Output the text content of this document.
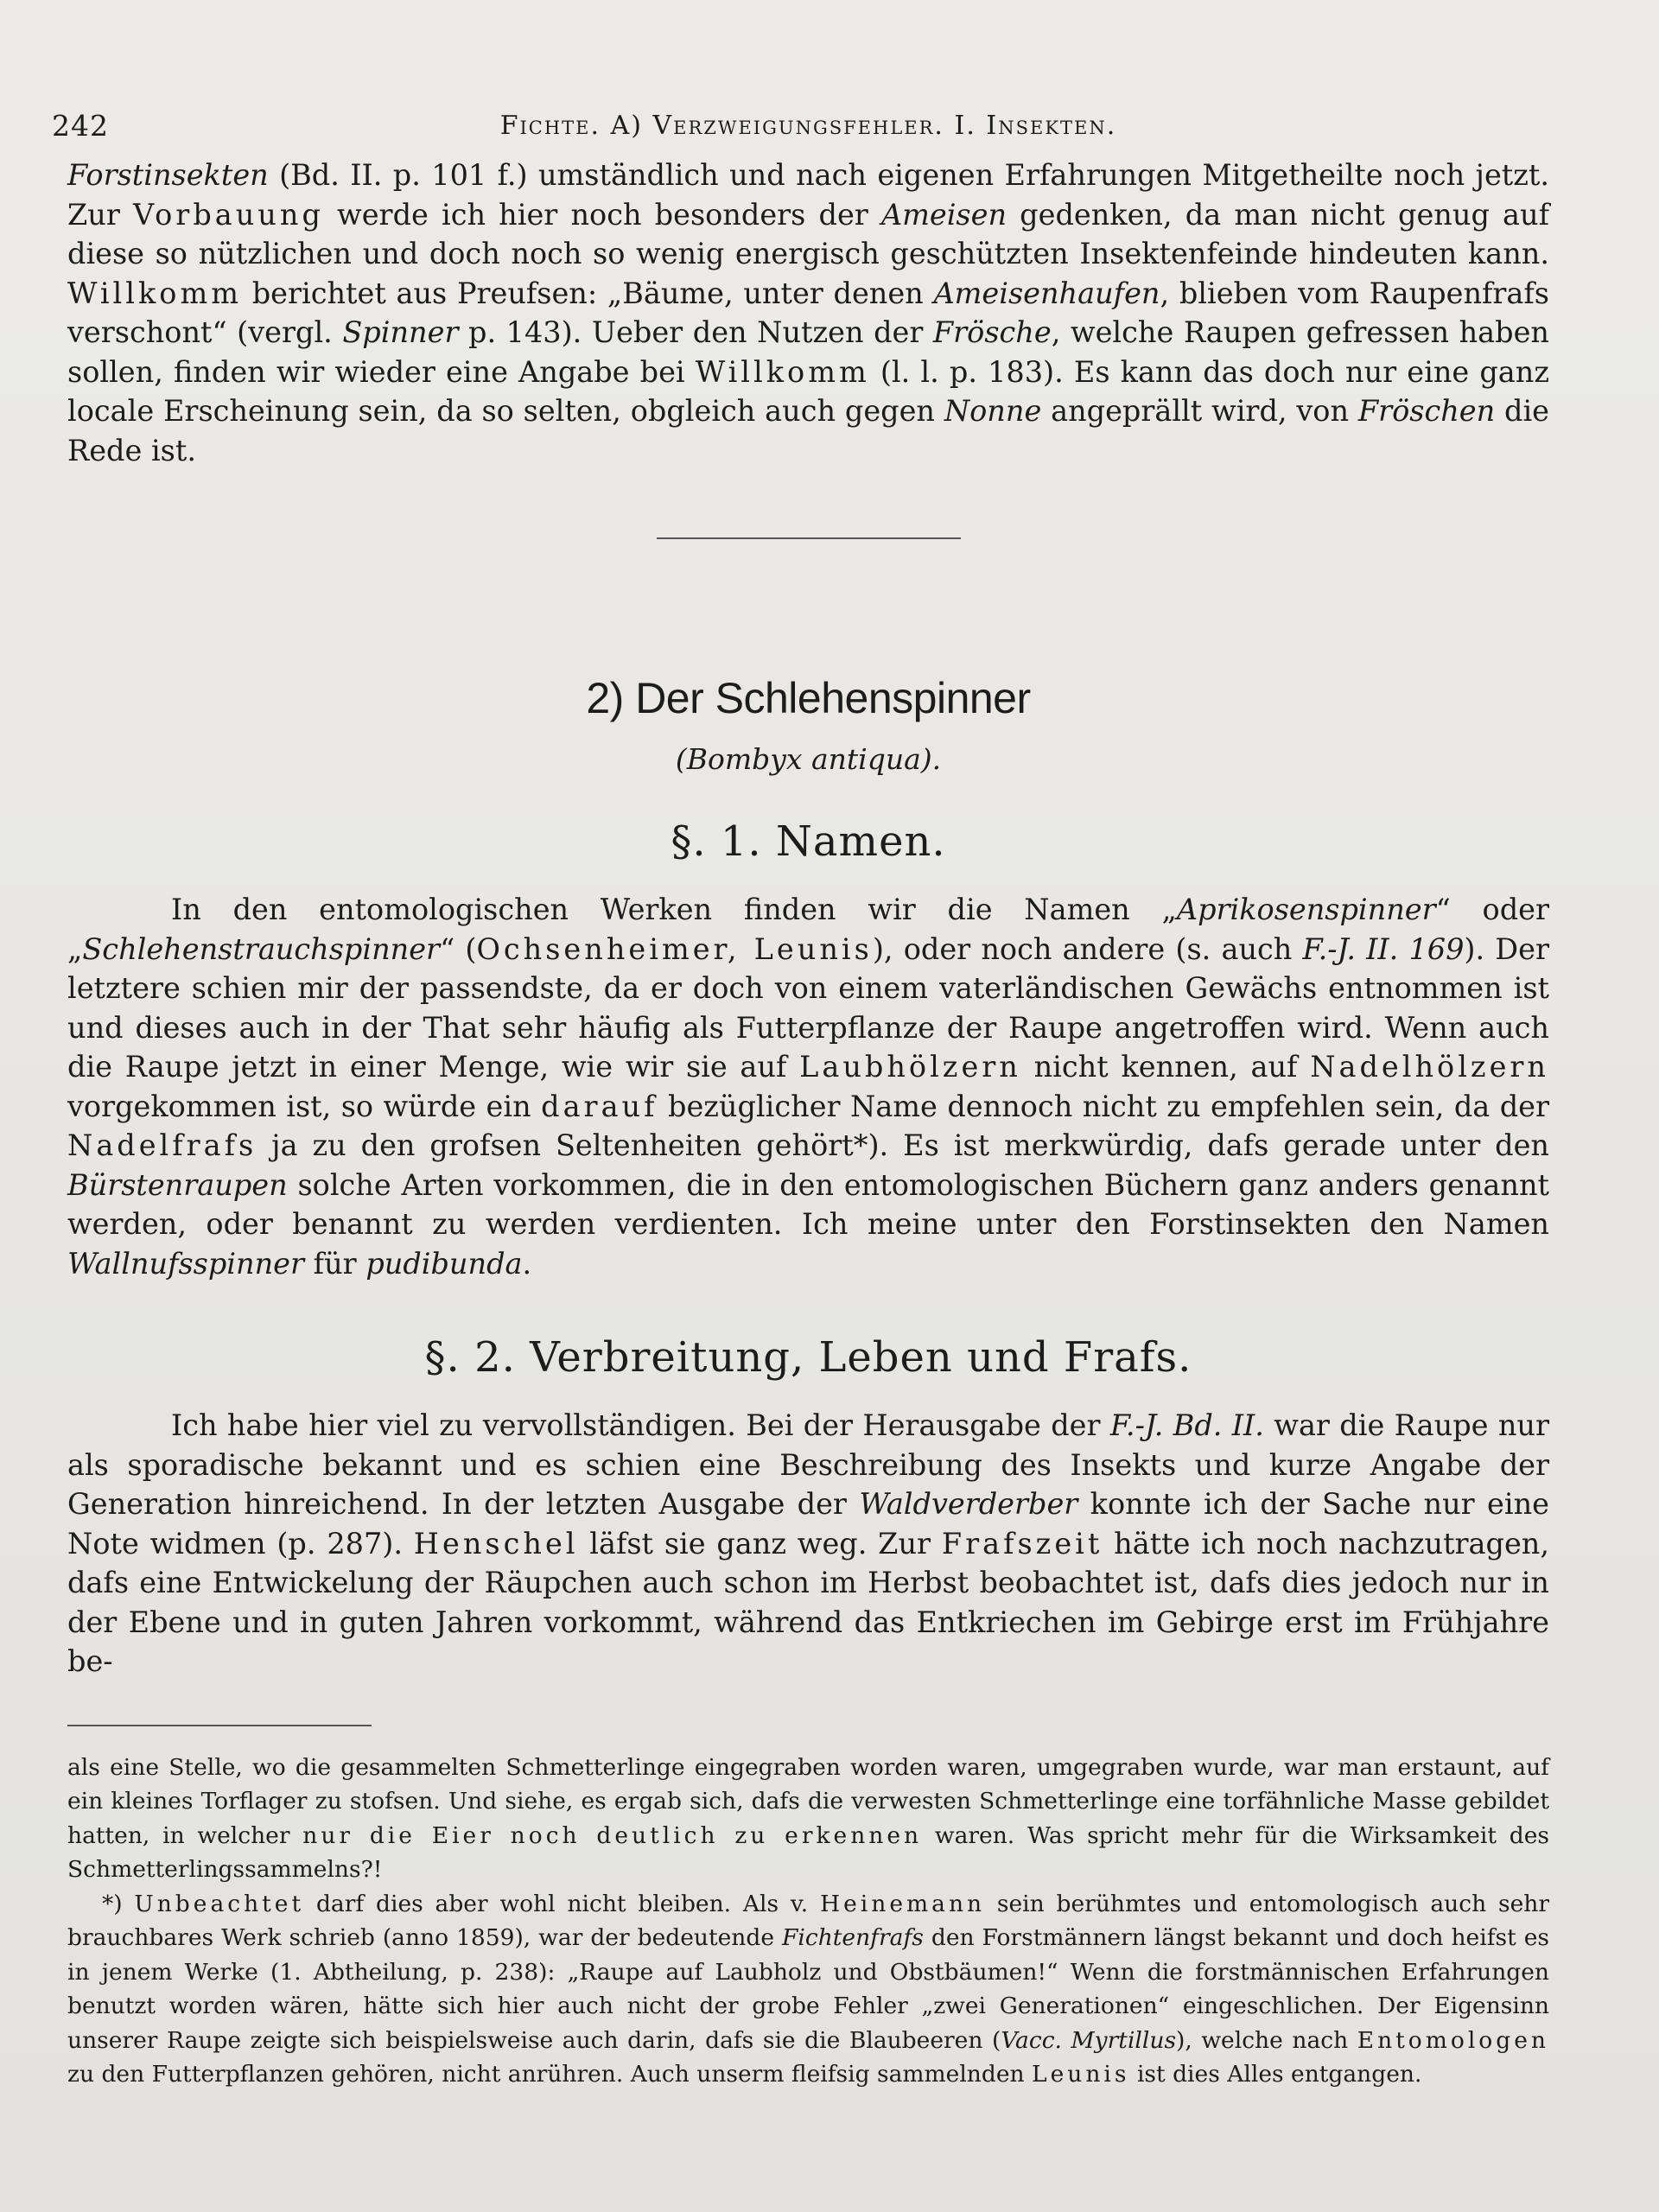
242	Fichte. A) Verzweigungsfehler. I. Insekten.

Forstinsekten (Bd. II. p. 101 f.) umständlich und nach eigenen Erfahrungen Mitgetheilte noch jetzt. Zur Vorbauung werde ich hier noch besonders der Ameisen gedenken, da man nicht genug auf diese so nützlichen und doch noch so wenig energisch geschützten Insektenfeinde hindeuten kann. Willkomm berichtet aus Preufsen: „Bäume, unter denen Ameisenhaufen, blieben vom Raupenfrafs verschont“ (vergl. Spinner p. 143). Ueber den Nutzen der Frösche, welche Raupen gefressen haben sollen, finden wir wieder eine Angabe bei Willkomm (l. l. p. 183). Es kann das doch nur eine ganz locale Erscheinung sein, da so selten, obgleich auch gegen Nonne angeprällt wird, von Fröschen die Rede ist.

2) Der Schlehenspinner
(Bombyx antiqua).
§. 1. Namen.

In den entomologischen Werken finden wir die Namen „Aprikosenspinner“ oder „Schlehenstrauchspinner“ (Ochsenheimer, Leunis), oder noch andere (s. auch F.-J. II. 169). Der letztere schien mir der passendste, da er doch von einem vaterländischen Gewächs entnommen ist und dieses auch in der That sehr häufig als Futterpflanze der Raupe angetroffen wird. Wenn auch die Raupe jetzt in einer Menge, wie wir sie auf Laubhölzern nicht kennen, auf Nadelhölzern vorgekommen ist, so würde ein darauf bezüglicher Name dennoch nicht zu empfehlen sein, da der Nadelfrafs ja zu den grofsen Seltenheiten gehört*). Es ist merkwürdig, dafs gerade unter den Bürstenraupen solche Arten vorkommen, die in den entomologischen Büchern ganz anders genannt werden, oder benannt zu werden verdienten. Ich meine unter den Forstinsekten den Namen Wallnufsspinner für pudibunda.

§. 2. Verbreitung, Leben und Frafs.

Ich habe hier viel zu vervollständigen. Bei der Herausgabe der F.-J. Bd. II. war die Raupe nur als sporadische bekannt und es schien eine Beschreibung des Insekts und kurze Angabe der Generation hinreichend. In der letzten Ausgabe der Waldverderber konnte ich der Sache nur eine Note widmen (p. 287). Henschel läfst sie ganz weg. Zur Frafszeit hätte ich noch nachzutragen, dafs eine Entwickelung der Räupchen auch schon im Herbst beobachtet ist, dafs dies jedoch nur in der Ebene und in guten Jahren vorkommt, während das Entkriechen im Gebirge erst im Frühjahre be-

als eine Stelle, wo die gesammelten Schmetterlinge eingegraben worden waren, umgegraben wurde, war man erstaunt, auf ein kleines Torflager zu stofsen. Und siehe, es ergab sich, dafs die verwesten Schmetterlinge eine torfähnliche Masse gebildet hatten, in welcher nur die Eier noch deutlich zu erkennen waren. Was spricht mehr für die Wirksamkeit des Schmetterlingssammelns?!

*) Unbeachtet darf dies aber wohl nicht bleiben. Als v. Heinemann sein berühmtes und entomologisch auch sehr brauchbares Werk schrieb (anno 1859), war der bedeutende Fichtenfrafs den Forstmännern längst bekannt und doch heifst es in jenem Werke (1. Abtheilung, p. 238): „Raupe auf Laubholz und Obstbäumen!“ Wenn die forstmännischen Erfahrungen benutzt worden wären, hätte sich hier auch nicht der grobe Fehler „zwei Generationen“ eingeschlichen. Der Eigensinn unserer Raupe zeigte sich beispielsweise auch darin, dafs sie die Blaubeeren (Vacc. Myrtillus), welche nach Entomologen zu den Futterpflanzen gehören, nicht anrühren. Auch unserm fleifsig sammelnden Leunis ist dies Alles entgangen.
